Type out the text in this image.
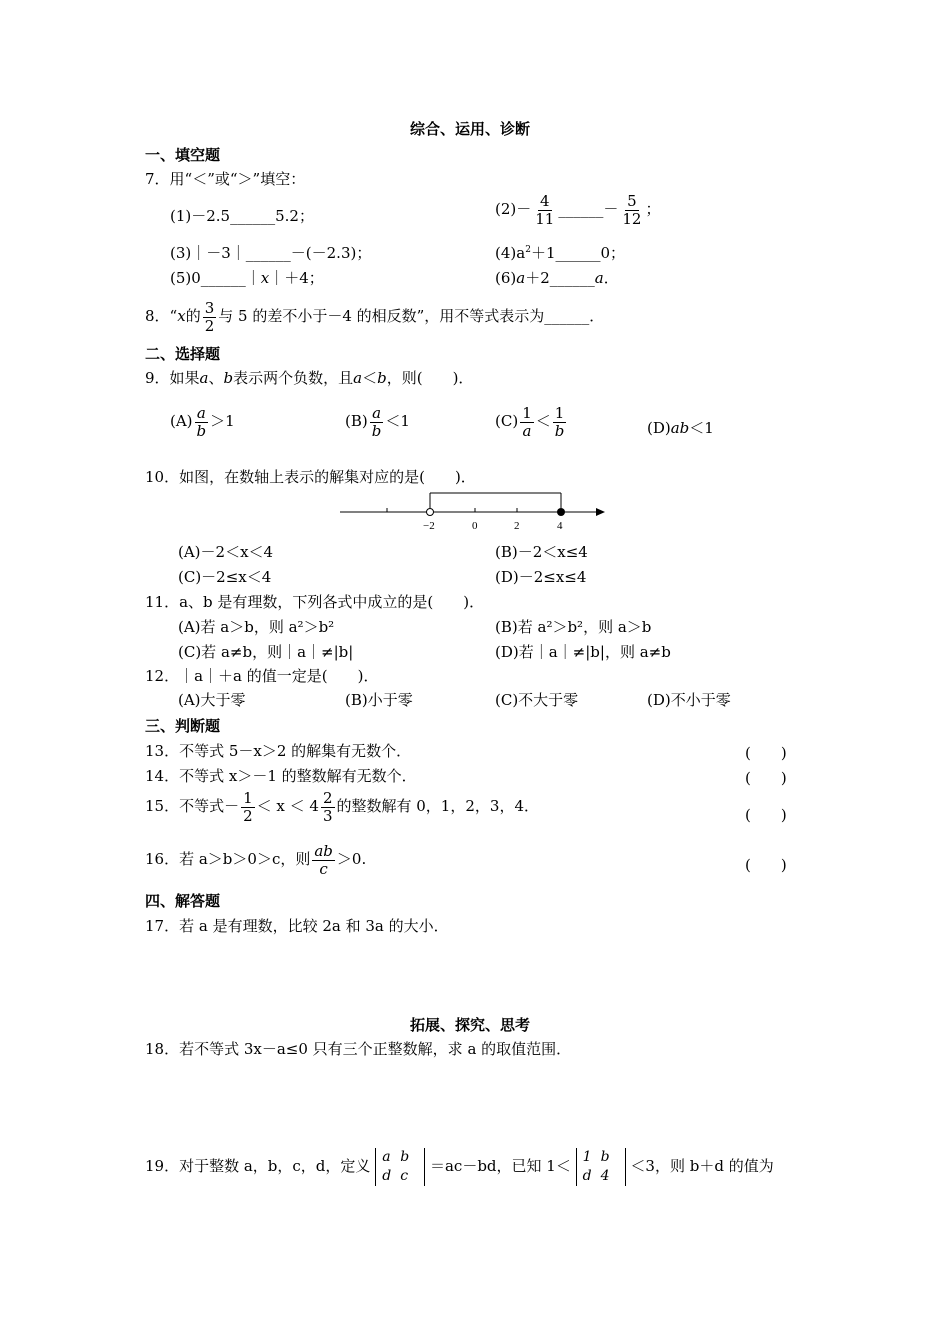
综合、运用、诊断
一、填空题
7．用“＜”或“＞”填空：
(1)－2.5______5.2；	$(2)- \frac{4}{11}$ ______－ $\frac{5}{12}$ ；
(3)｜－3｜______－(－2.3)；	$(4)a^2+1\_\_\_\_\_\_0$；
(5)0______｜x｜＋4；	(6)a＋2______a．
8．“x的 $\frac{3}{2}$ 与 5 的差不小于－4 的相反数”，用不等式表示为______．
二、选择题
9．如果a、b表示两个负数，且a＜b，则(　　)．
$(A) \frac{a}{b} >1$	$(B) \frac{a}{b} <1$	$(C) \frac{1}{a} < \frac{1}{b}$	(D)ab＜1
10．如图，在数轴上表示的解集对应的是(　　)．
−2	0	2	4
(A)－2＜x＜4	(B)－2＜x≤4
(C)－2≤x＜4	(D)－2≤x≤4
11．a、b 是有理数，下列各式中成立的是(　　)．
(A)若 a＞b，则 a²＞b²	(B)若 a²＞b²，则 a＞b
(C)若 a≠b，则｜a｜≠|b|	(D)若｜a｜≠|b|，则 a≠b
12．｜a｜＋a 的值一定是(　　)．
(A)大于零	(B)小于零	(C)不大于零	(D)不小于零
三、判断题
13．不等式 5－x＞2 的解集有无数个．	(　　)
14．不等式 x＞－1 的整数解有无数个．	(　　)
15．不等式－ $\frac{1}{2} < x < 4 \frac{2}{3}$ 的整数解有 0，1，2，3，4．	(　　)
16．若 a＞b＞0＞c，则 $\frac{ab}{c} >0$.	(　　)
四、解答题
17．若 a 是有理数，比较 2a 和 3a 的大小．
拓展、探究、思考
18．若不等式 3x－a≤0 只有三个正整数解，求 a 的取值范围．
19．对于整数 a，b，c，d，定义 a b
d c ＝ac－bd，已知 1＜ 1 b
d 4 ＜3，则 b＋d 的值为
